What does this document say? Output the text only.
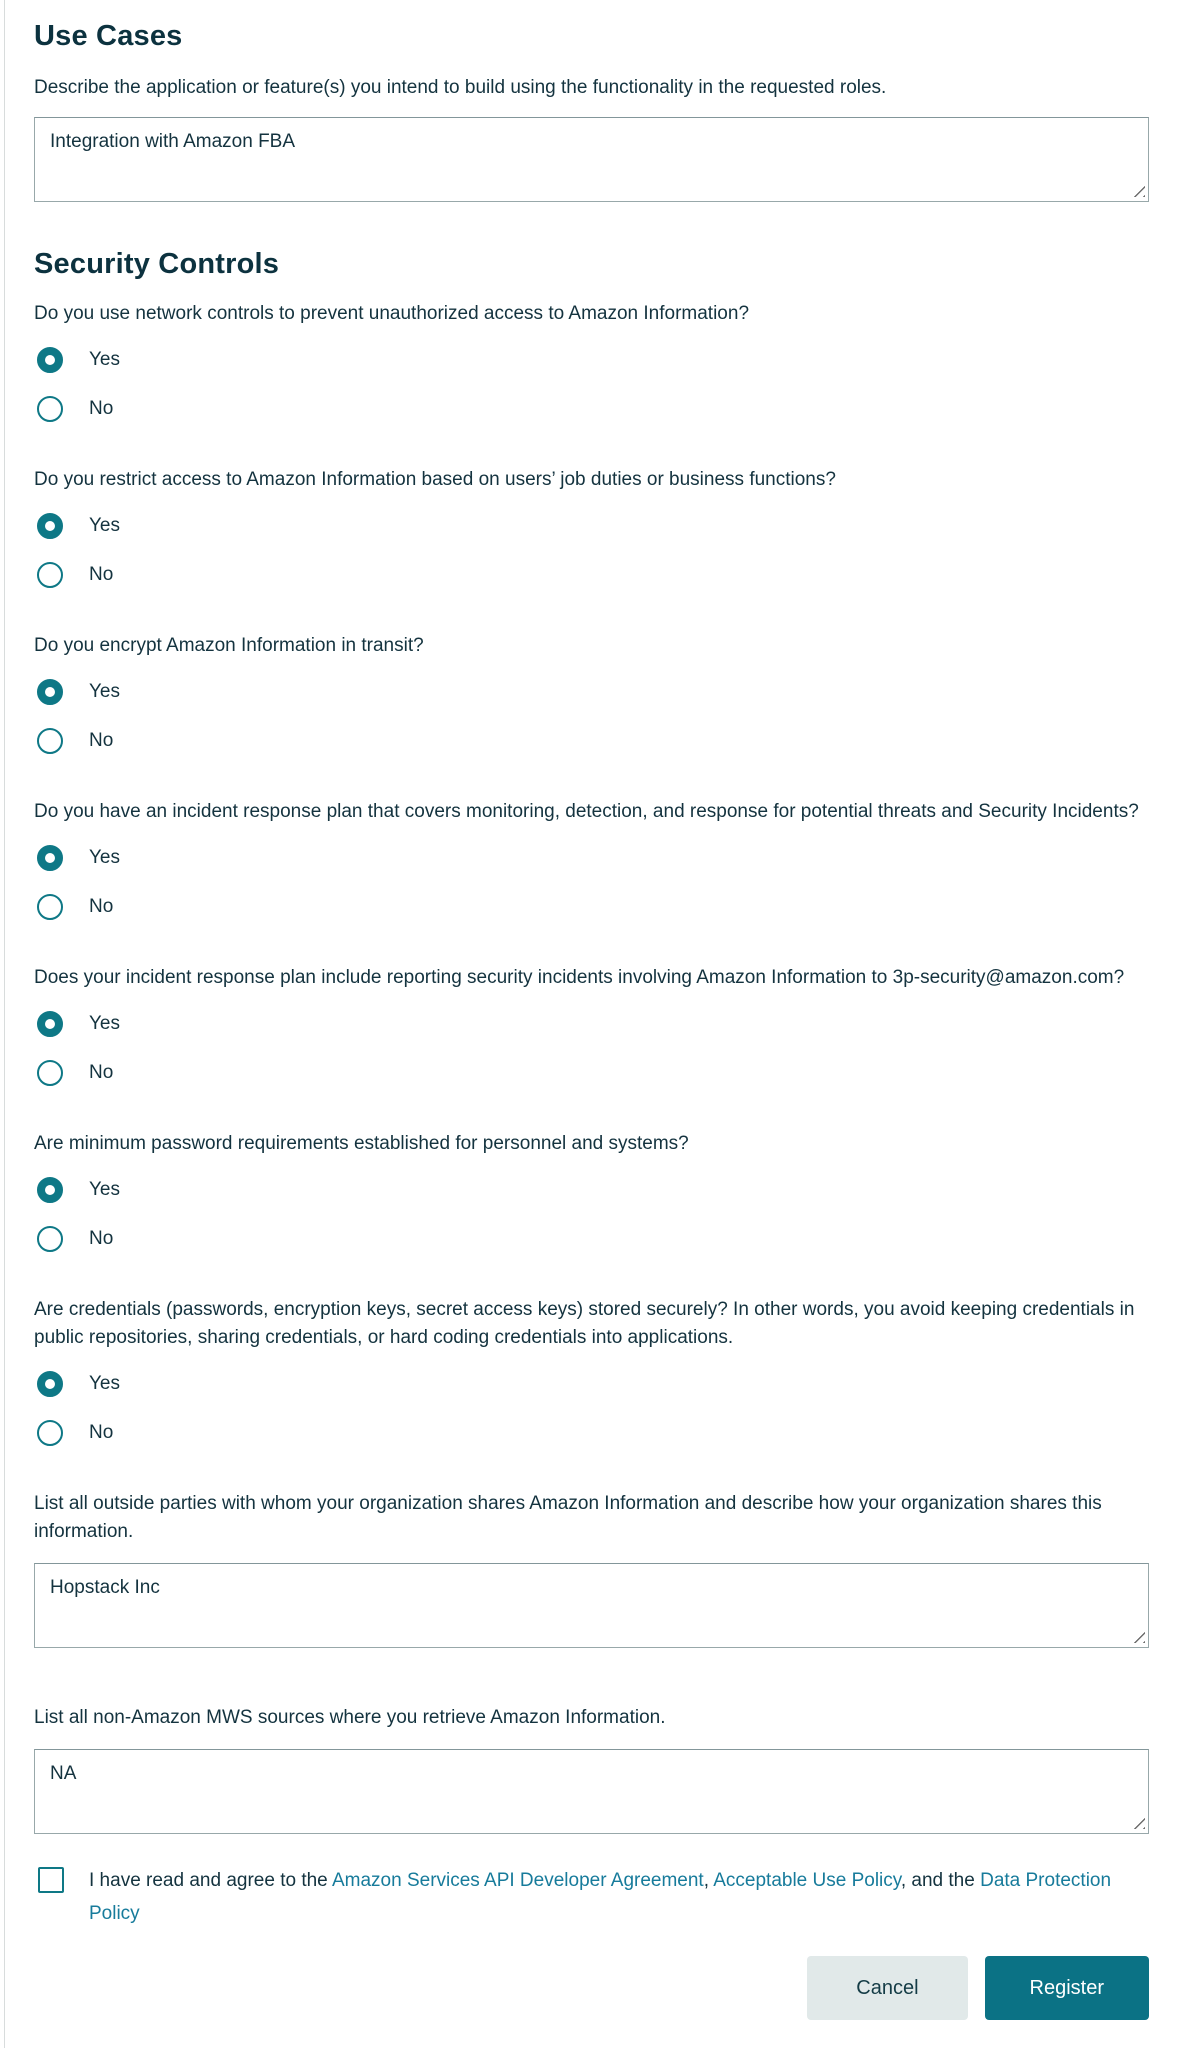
Use Cases
Describe the application or feature(s) you intend to build using the functionality in the requested roles.
Integration with Amazon FBA
Security Controls
Do you use network controls to prevent unauthorized access to Amazon Information?
Yes
No
Do you restrict access to Amazon Information based on users’ job duties or business functions?
Yes
No
Do you encrypt Amazon Information in transit?
Yes
No
Do you have an incident response plan that covers monitoring, detection, and response for potential threats and Security Incidents?
Yes
No
Does your incident response plan include reporting security incidents involving Amazon Information to 3p-security@amazon.com?
Yes
No
Are minimum password requirements established for personnel and systems?
Yes
No
Are credentials (passwords, encryption keys, secret access keys) stored securely? In other words, you avoid keeping credentials in public repositories, sharing credentials, or hard coding credentials into applications.
Yes
No
List all outside parties with whom your organization shares Amazon Information and describe how your organization shares this information.
Hopstack Inc
List all non-Amazon MWS sources where you retrieve Amazon Information.
NA
I have read and agree to the Amazon Services API Developer Agreement, Acceptable Use Policy, and the Data Protection Policy
Cancel	Register
